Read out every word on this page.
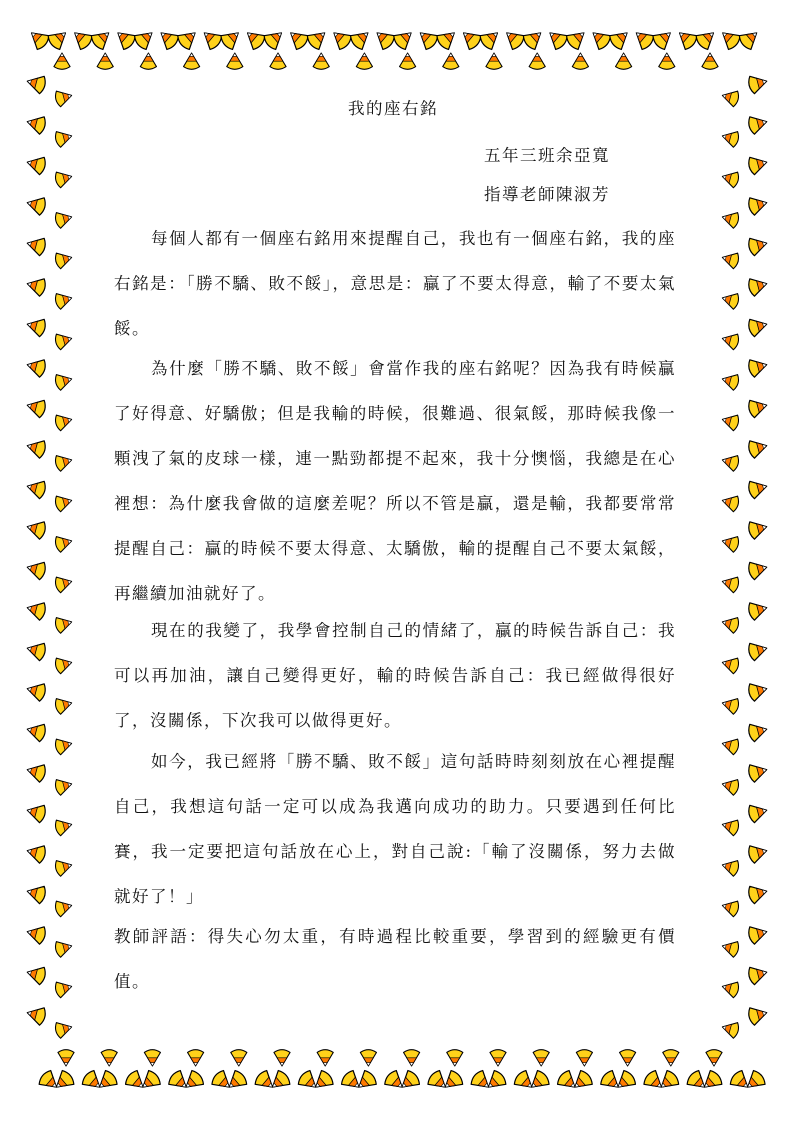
我的座右銘
五年三班余亞寬
指導老師陳淑芳

每個人都有一個座右銘用來提醒自己，我也有一個座右銘，我的座右銘是：「勝不驕、敗不餒」，意思是：贏了不要太得意，輸了不要太氣餒。

為什麼「勝不驕、敗不餒」會當作我的座右銘呢？因為我有時候贏了好得意、好驕傲；但是我輸的時候，很難過、很氣餒，那時候我像一顆洩了氣的皮球一樣，連一點勁都提不起來，我十分懊惱，我總是在心裡想：為什麼我會做的這麼差呢？所以不管是贏，還是輸，我都要常常提醒自己：贏的時候不要太得意、太驕傲，輸的提醒自己不要太氣餒，再繼續加油就好了。

現在的我變了，我學會控制自己的情緒了，贏的時候告訴自己：我可以再加油，讓自己變得更好，輸的時候告訴自己：我已經做得很好了，沒關係，下次我可以做得更好。

如今，我已經將「勝不驕、敗不餒」這句話時時刻刻放在心裡提醒自己，我想這句話一定可以成為我邁向成功的助力。只要遇到任何比賽，我一定要把這句話放在心上，對自己說:「輸了沒關係，努力去做就好了！」

教師評語：得失心勿太重，有時過程比較重要，學習到的經驗更有價值。
